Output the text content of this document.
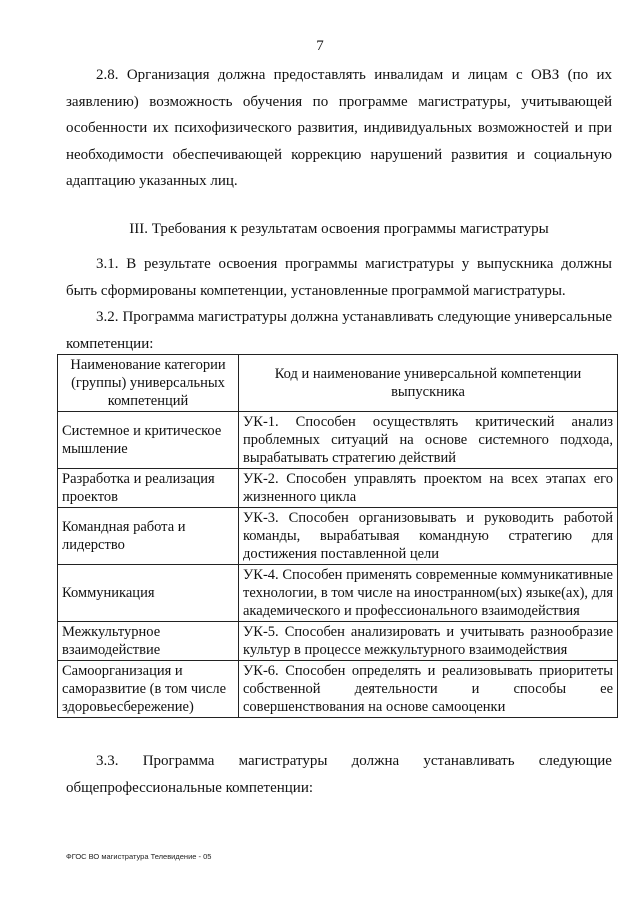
7

2.8. Организация должна предоставлять инвалидам и лицам с ОВЗ (по их заявлению) возможность обучения по программе магистратуры, учитывающей особенности их психофизического развития, индивидуальных возможностей и при необходимости обеспечивающей коррекцию нарушений развития и социальную адаптацию указанных лиц.

III. Требования к результатам освоения программы магистратуры

3.1. В результате освоения программы магистратуры у выпускника должны быть сформированы компетенции, установленные программой магистратуры.

3.2. Программа магистратуры должна устанавливать следующие универсальные компетенции:

Наименование категории (группы) универсальных компетенций	Код и наименование универсальной компетенции выпускника
Системное и критическое мышление	УК-1. Способен осуществлять критический анализ проблемных ситуаций на основе системного подхода, вырабатывать стратегию действий
Разработка и реализация проектов	УК-2. Способен управлять проектом на всех этапах его жизненного цикла
Командная работа и лидерство	УК-3. Способен организовывать и руководить работой команды, вырабатывая командную стратегию для достижения поставленной цели
Коммуникация	УК-4. Способен применять современные коммуникативные технологии, в том числе на иностранном(ых) языке(ах), для академического и профессионального взаимодействия
Межкультурное взаимодействие	УК-5. Способен анализировать и учитывать разнообразие культур в процессе межкультурного взаимодействия
Самоорганизация и саморазвитие (в том числе здоровьесбережение)	УК-6. Способен определять и реализовывать приоритеты собственной деятельности и способы ее совершенствования на основе самооценки
3.3. Программа магистратуры должна устанавливать следующие
общепрофессиональные компетенции:
ФГОС ВО магистратура Телевидение - 05
